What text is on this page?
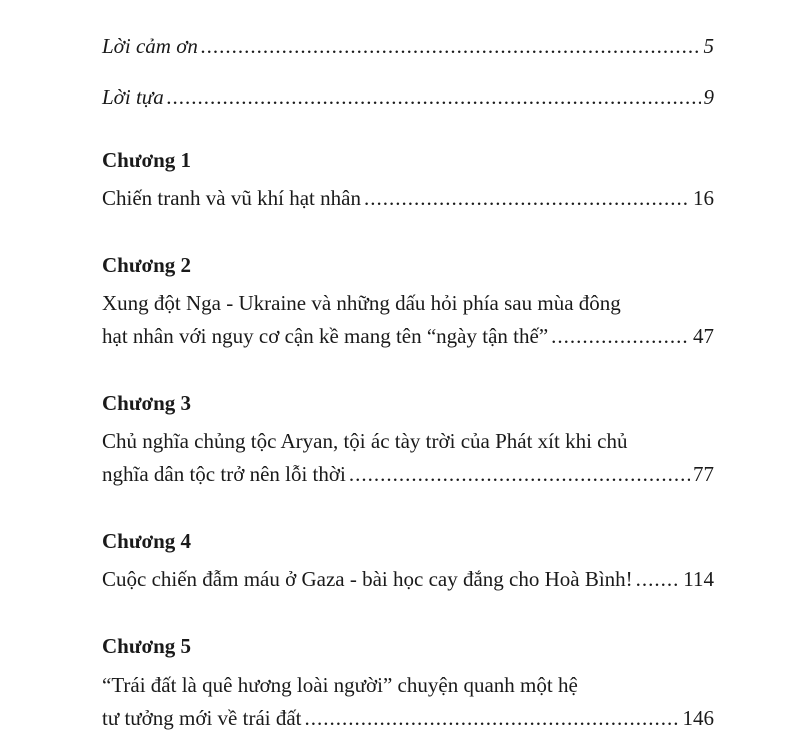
Lời cảm ơn .....	5
Lời tựa .....	9
Chương 1
Chiến tranh và vũ khí hạt nhân .....	16
Chương 2
Xung đột Nga - Ukraine và những dấu hỏi phía sau mùa đông
hạt nhân với nguy cơ cận kề mang tên “ngày tận thế” .....	47
Chương 3
Chủ nghĩa chủng tộc Aryan, tội ác tày trời của Phát xít khi chủ
nghĩa dân tộc trở nên lỗi thời .....	77
Chương 4
Cuộc chiến đẫm máu ở Gaza - bài học cay đắng cho Hoà Bình! ..... 114
Chương 5
“Trái đất là quê hương loài người” chuyện quanh một hệ
tư tưởng mới về trái đất .....	146
